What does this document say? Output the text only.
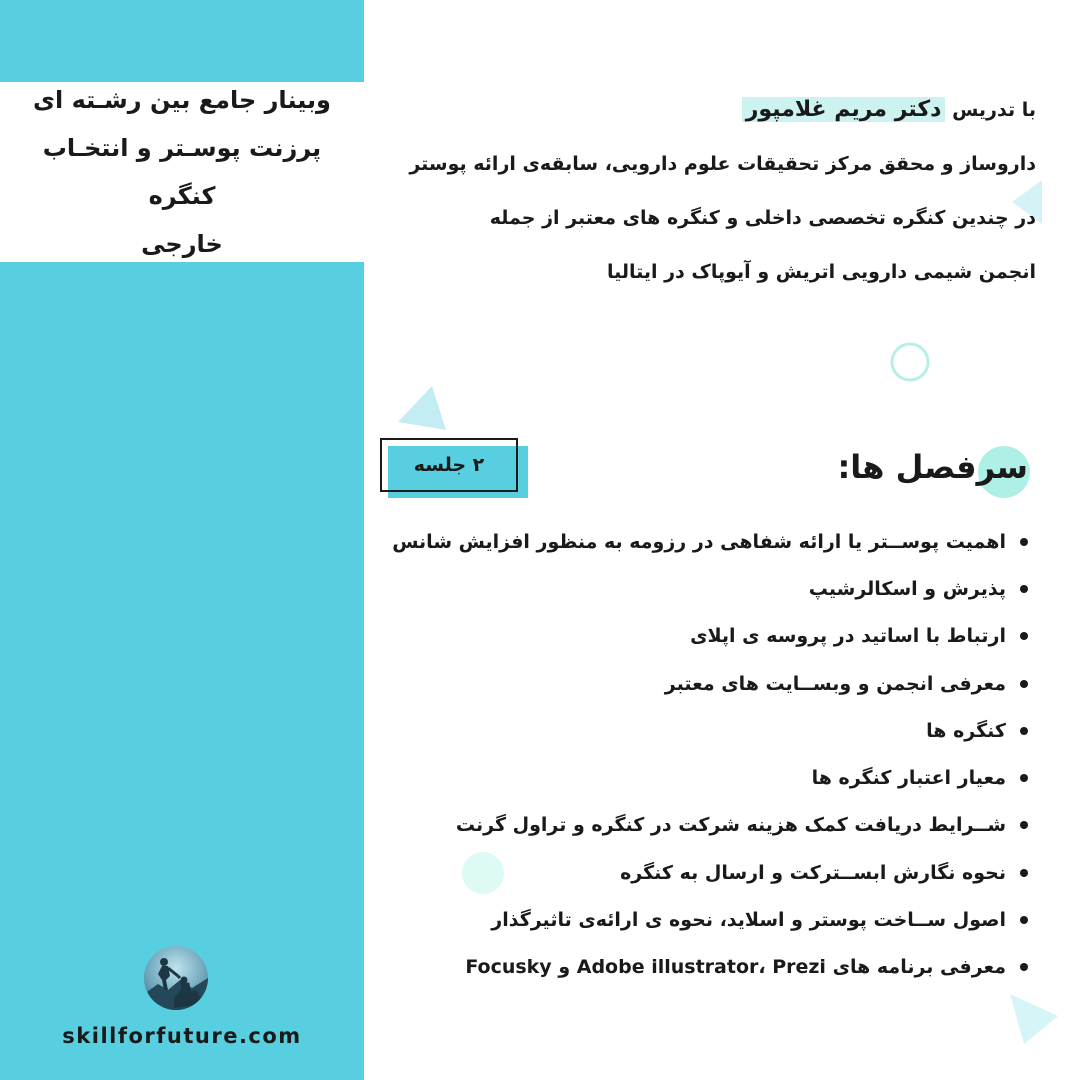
وبینار جامع بین رشـته ای
پرزنت پوسـتر و انتخـاب کنگره
خارجی
skillforfuture.com
با تدریس دکتر مریم غلامپور
داروساز و محقق مرکز تحقیقات علوم دارویی، سابقه‌ی ارائه پوستر
در چندین کنگره تخصصی داخلی و کنگره های معتبر از جمله
انجمن شیمی دارویی اتریش و آیوپاک در ایتالیا
سرفصل ها:
۲ جلسه
اهمیت پوســتر یا ارائه شفاهی در رزومه به منظور افزایش شانس
پذیرش و اسکالرشیپ
ارتباط با اساتید در پروسه ی اپلای
معرفی انجمن و وبســایت های معتبر
کنگره ها
معیار اعتبار کنگره ها
شــرایط دریافت کمک هزینه شرکت در کنگره و تراول گرنت
نحوه نگارش ابســترکت و ارسال به کنگره
اصول ســاخت پوستر و اسلاید، نحوه ی ارائه‌ی تاثیرگذار
معرفی برنامه های Adobe illustrator، Prezi و Focusky
